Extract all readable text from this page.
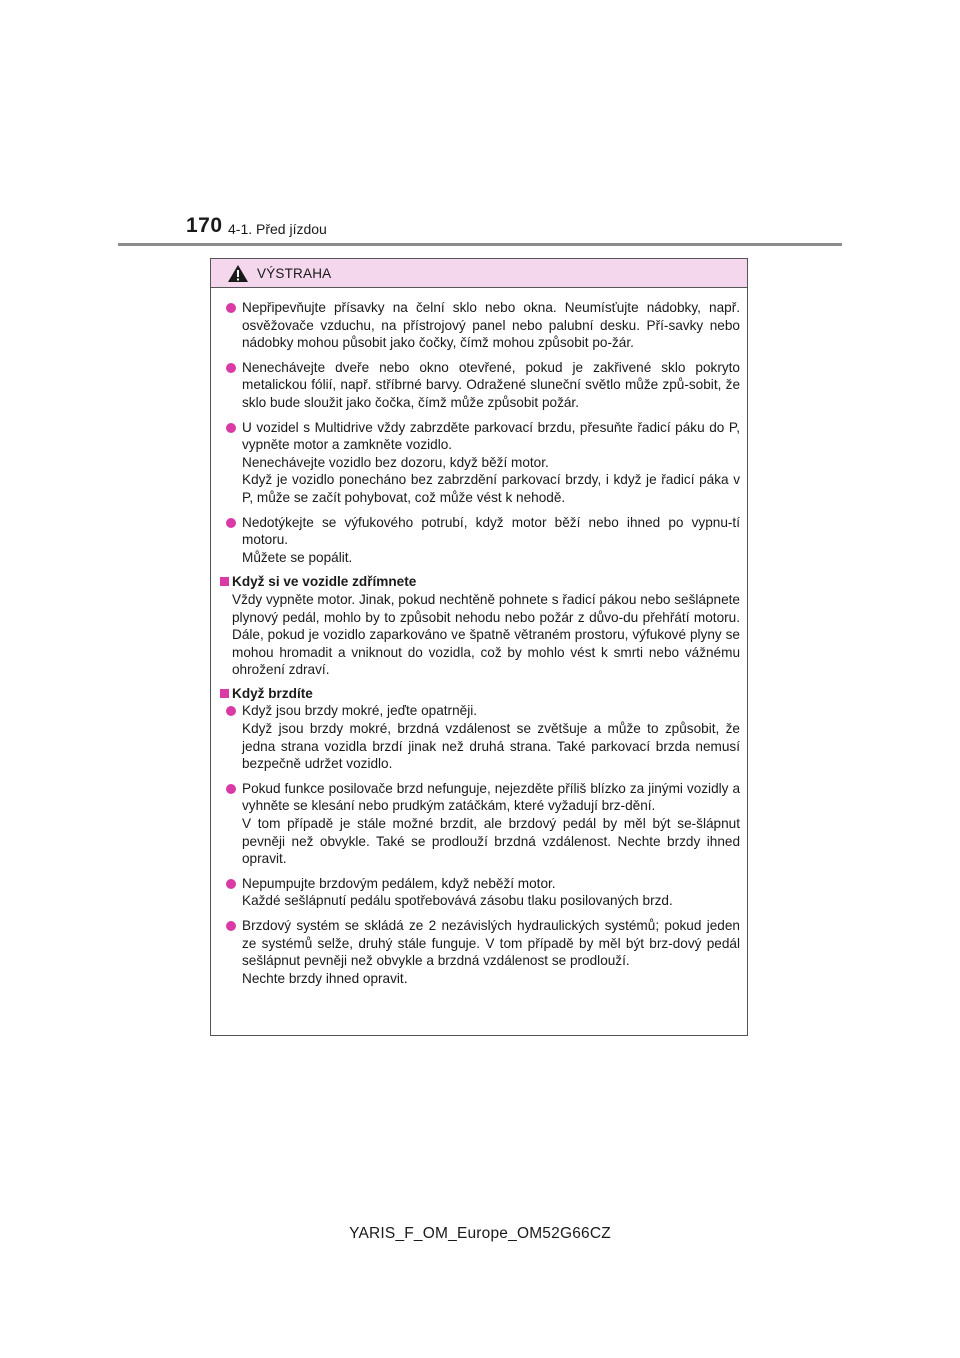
170 4-1. Před jízdou
VÝSTRAHA

Nepřipevňujte přísavky na čelní sklo nebo okna. Neumísťujte nádobky, např. osvěžovače vzduchu, na přístrojový panel nebo palubní desku. Pří-savky nebo nádobky mohou působit jako čočky, čímž mohou způsobit po-žár.

Nenechávejte dveře nebo okno otevřené, pokud je zakřivené sklo pokryto metalickou fólií, např. stříbrné barvy. Odražené sluneční světlo může způ-sobit, že sklo bude sloužit jako čočka, čímž může způsobit požár.

U vozidel s Multidrive vždy zabrzděte parkovací brzdu, přesuňte řadicí páku do P, vypněte motor a zamkněte vozidlo.

Nenechávejte vozidlo bez dozoru, když běží motor.

Když je vozidlo ponecháno bez zabrzdění parkovací brzdy, i když je řadicí páka v P, může se začít pohybovat, což může vést k nehodě.

Nedotýkejte se výfukového potrubí, když motor běží nebo ihned po vypnu-tí motoru.

Můžete se popálit.

Když si ve vozidle zdřímnete
Vždy vypněte motor. Jinak, pokud nechtěně pohnete s řadicí pákou nebo sešlápnete plynový pedál, mohlo by to způsobit nehodu nebo požár z důvo-du přehřátí motoru. Dále, pokud je vozidlo zaparkováno ve špatně větraném prostoru, výfukové plyny se mohou hromadit a vniknout do vozidla, což by mohlo vést k smrti nebo vážnému ohrožení zdraví.
Když brzdíte

Když jsou brzdy mokré, jeďte opatrněji.

Když jsou brzdy mokré, brzdná vzdálenost se zvětšuje a může to způsobit, že jedna strana vozidla brzdí jinak než druhá strana. Také parkovací brzda nemusí bezpečně udržet vozidlo.

Pokud funkce posilovače brzd nefunguje, nejezděte příliš blízko za jinými vozidly a vyhněte se klesání nebo prudkým zatáčkám, které vyžadují brz-dění.

V tom případě je stále možné brzdit, ale brzdový pedál by měl být se-šlápnut pevněji než obvykle. Také se prodlouží brzdná vzdálenost. Nechte brzdy ihned opravit.

Nepumpujte brzdovým pedálem, když neběží motor.

Každé sešlápnutí pedálu spotřebovává zásobu tlaku posilovaných brzd.

Brzdový systém se skládá ze 2 nezávislých hydraulických systémů; pokud jeden ze systémů selže, druhý stále funguje. V tom případě by měl být brz-dový pedál sešlápnut pevněji než obvykle a brzdná vzdálenost se prodlouží.

Nechte brzdy ihned opravit.

YARIS_F_OM_Europe_OM52G66CZ
